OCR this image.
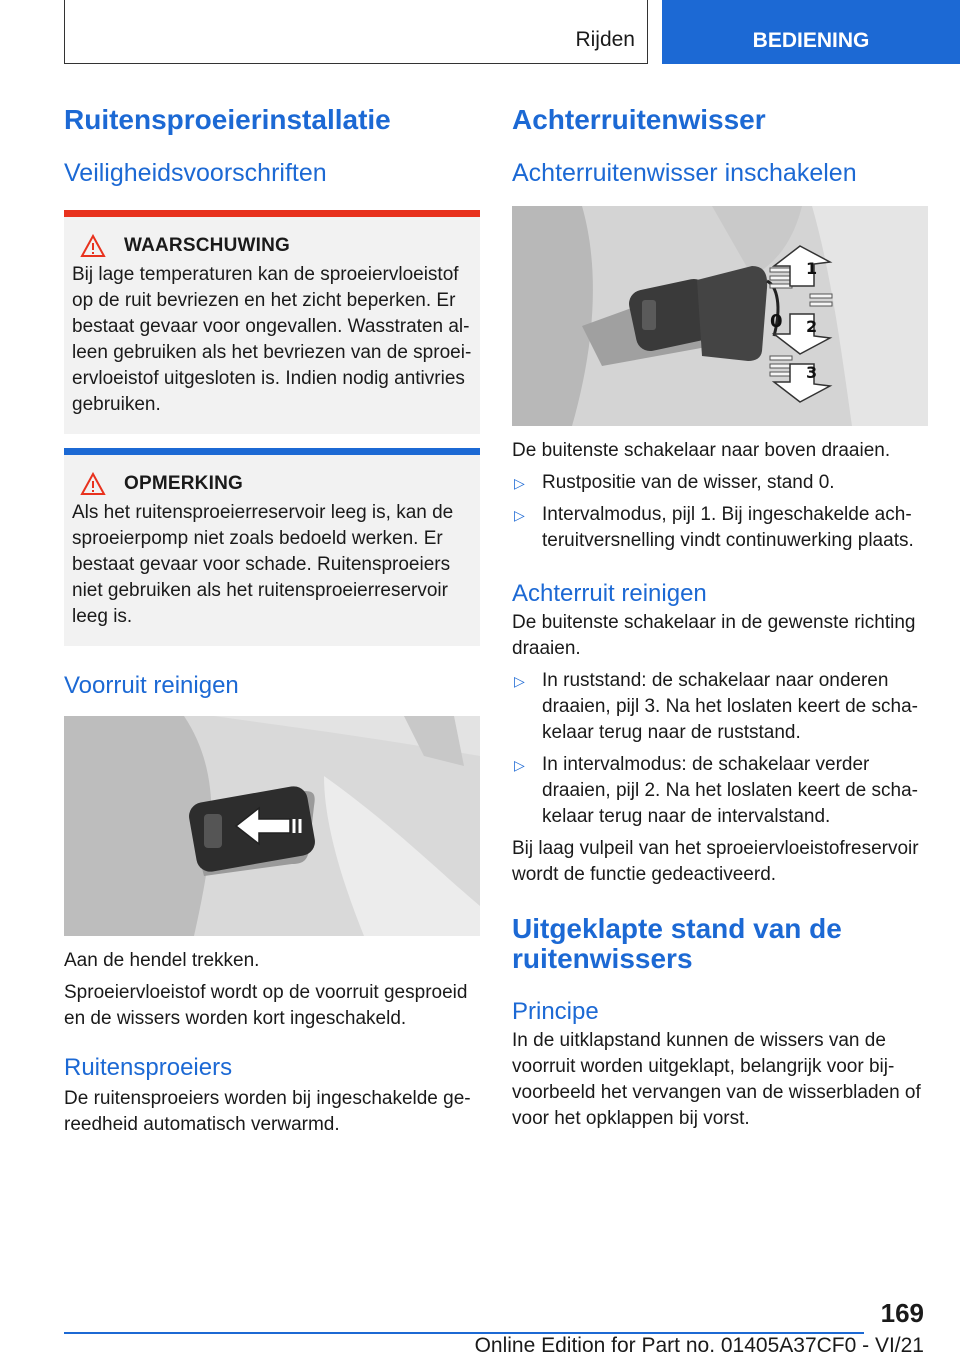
Rijden	BEDIENING
Ruitensproeierinstallatie
Veiligheidsvoorschriften
WAARSCHUWING

Bij lage temperaturen kan de sproeiervloeistof op de ruit bevriezen en het zicht beperken. Er bestaat gevaar voor ongevallen. Wasstraten alleen gebruiken als het bevriezen van de sproeiervloeistof uitgesloten is. Indien nodig antivries gebruiken.

OPMERKING

Als het ruitensproeierreservoir leeg is, kan de sproeierpomp niet zoals bedoeld werken. Er bestaat gevaar voor schade. Ruitensproeiers niet gebruiken als het ruitensproeierreservoir leeg is.

Voorruit reinigen

Aan de hendel trekken.

Sproeiervloeistof wordt op de voorruit gesproeid en de wissers worden kort ingeschakeld.

Ruitensproeiers

De ruitensproeiers worden bij ingeschakelde gereedheid automatisch verwarmd.

Achterruitenwisser
Achterruitenwisser inschakelen
1
0 2
3

De buitenste schakelaar naar boven draaien.

▷ Rustpositie van de wisser, stand 0.
▷ Intervalmodus, pijl 1. Bij ingeschakelde achteruitversnelling vindt continuwerking plaats.
Achterruit reinigen

De buitenste schakelaar in de gewenste richting draaien.

▷ In ruststand: de schakelaar naar onderen draaien, pijl 3. Na het loslaten keert de schakelaar terug naar de ruststand.
▷ In intervalmodus: de schakelaar verder draaien, pijl 2. Na het loslaten keert de schakelaar terug naar de intervalstand.

Bij laag vulpeil van het sproeiervloeistofreservoir wordt de functie gedeactiveerd.

Uitgeklapte stand van de ruitenwissers
Principe

In de uitklapstand kunnen de wissers van de voorruit worden uitgeklapt, belangrijk voor bijvoorbeeld het vervangen van de wisserbladen of voor het opklappen bij vorst.

169
Online Edition for Part no. 01405A37CF0 - VI/21
